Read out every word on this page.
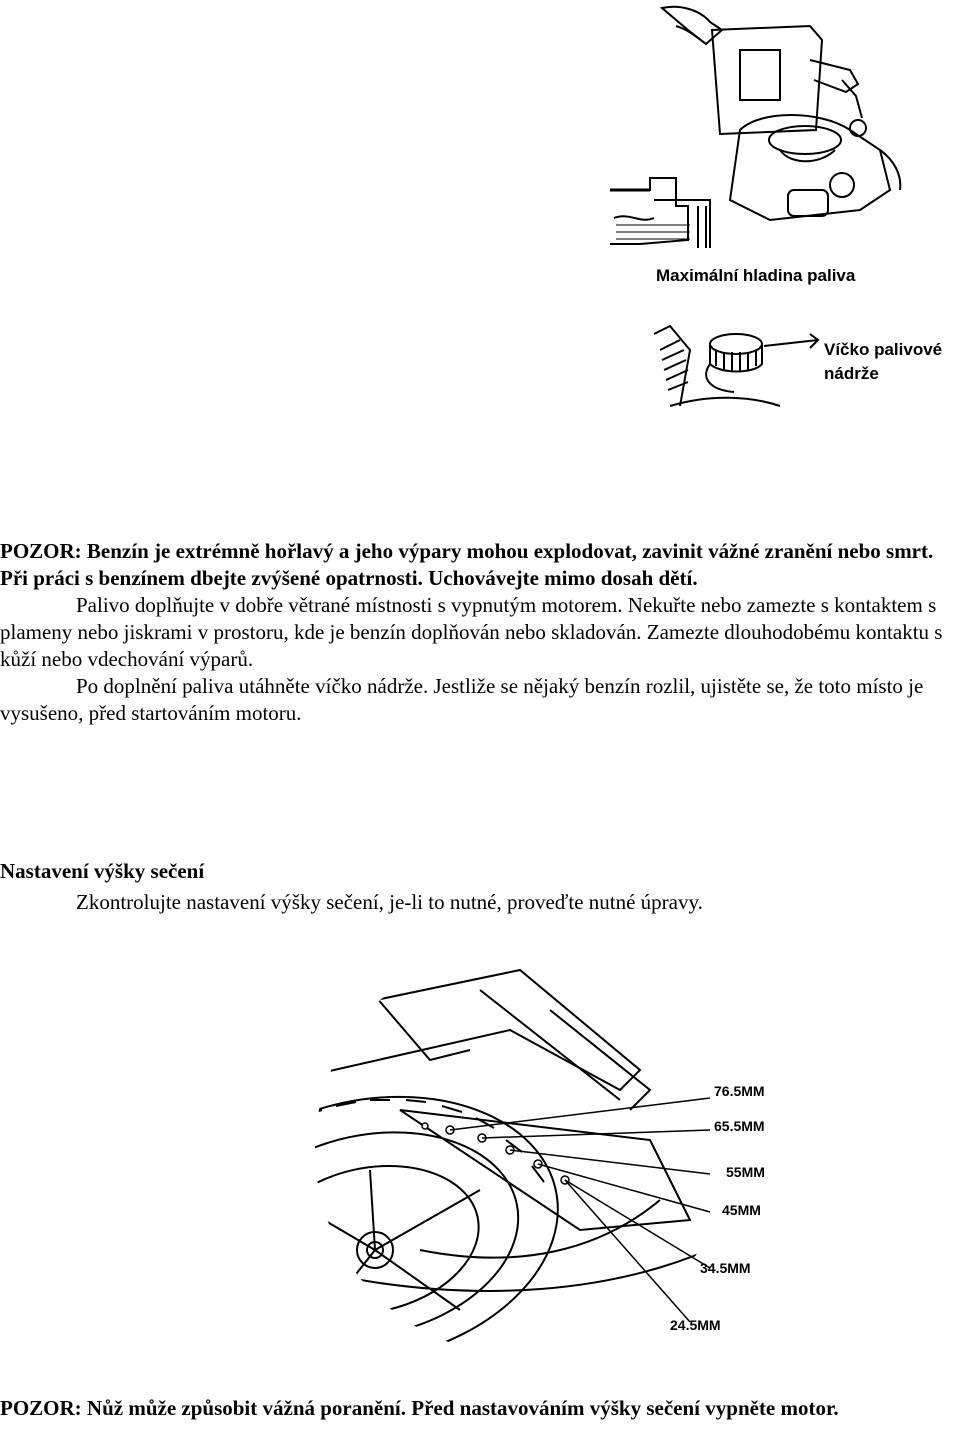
Maximální hladina paliva
Víčko palivové
nádrže
POZOR: Benzín je extrémně hořlavý a jeho výpary mohou explodovat, zavinit vážné zranění nebo smrt. Při práci s benzínem dbejte zvýšené opatrnosti. Uchovávejte mimo dosah dětí.
Palivo doplňujte v dobře větrané místnosti s vypnutým motorem. Nekuřte nebo zamezte s kontaktem s plameny nebo jiskrami v prostoru, kde je benzín doplňován nebo skladován. Zamezte dlouhodobému kontaktu s kůží nebo vdechování výparů.
Po doplnění paliva utáhněte víčko nádrže. Jestliže se nějaký benzín rozlil, ujistěte se, že toto místo je vysušeno, před startováním motoru.
Nastavení výšky sečení
Zkontrolujte nastavení výšky sečení, je-li to nutné, proveďte nutné úpravy.
76.5MM
65.5MM
55MM
45MM
34.5MM
24.5MM
POZOR: Nůž může způsobit vážná poranění. Před nastavováním výšky sečení vypněte motor.
